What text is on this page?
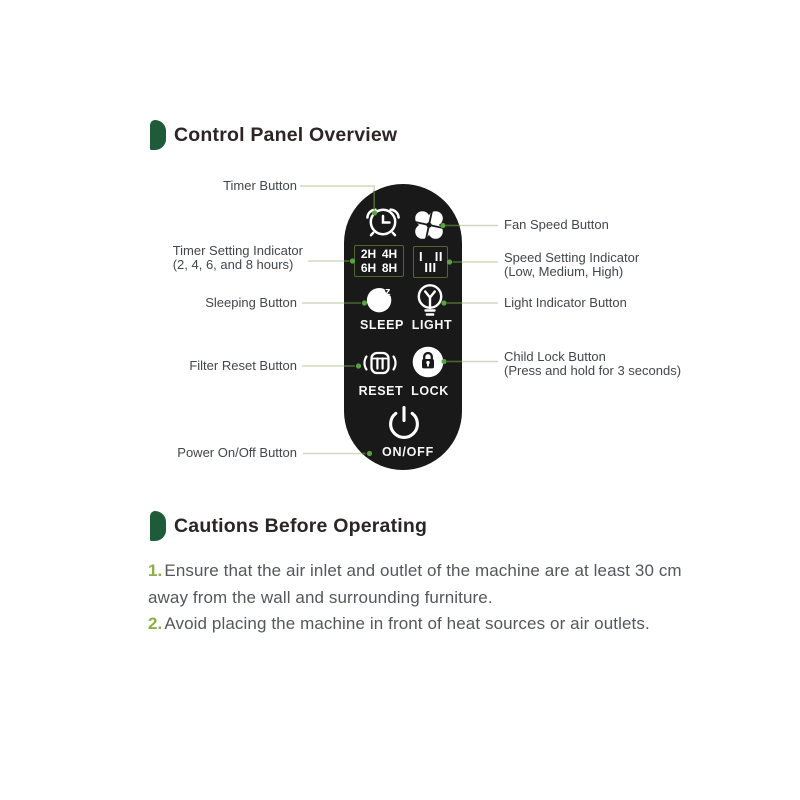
Control Panel Overview
2H 4H
6H 8H
I II
III
z
SLEEP LIGHT
RESET LOCK
ON/OFF
Timer Button
Timer Setting Indicator
(2, 4, 6, and 8 hours)
Sleeping Button
Filter Reset Button
Power On/Off Button
Fan Speed Button
Speed Setting Indicator
(Low, Medium, High)
Light Indicator Button
Child Lock Button
(Press and hold for 3 seconds)
Cautions Before Operating

1. Ensure that the air inlet and outlet of the machine are at least 30 cm away from the wall and surrounding furniture.

2. Avoid placing the machine in front of heat sources or air outlets.
